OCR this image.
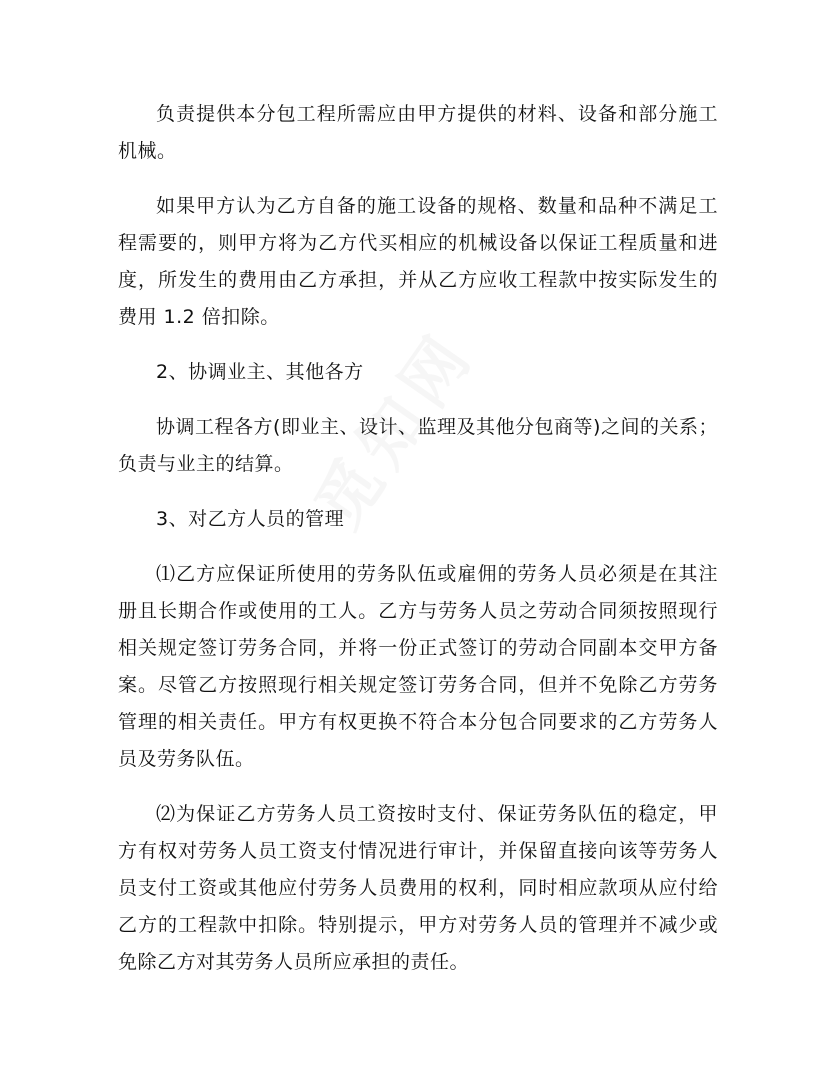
负责提供本分包工程所需应由甲方提供的材料、设备和部分施工机械。

如果甲方认为乙方自备的施工设备的规格、数量和品种不满足工程需要的，则甲方将为乙方代买相应的机械设备以保证工程质量和进度，所发生的费用由乙方承担，并从乙方应收工程款中按实际发生的费用 1.2 倍扣除。

2、协调业主、其他各方

协调工程各方(即业主、设计、监理及其他分包商等)之间的关系；负责与业主的结算。

3、对乙方人员的管理

⑴乙方应保证所使用的劳务队伍或雇佣的劳务人员必须是在其注册且长期合作或使用的工人。乙方与劳务人员之劳动合同须按照现行相关规定签订劳务合同，并将一份正式签订的劳动合同副本交甲方备案。尽管乙方按照现行相关规定签订劳务合同，但并不免除乙方劳务管理的相关责任。甲方有权更换不符合本分包合同要求的乙方劳务人员及劳务队伍。

⑵为保证乙方劳务人员工资按时支付、保证劳务队伍的稳定，甲方有权对劳务人员工资支付情况进行审计，并保留直接向该等劳务人员支付工资或其他应付劳务人员费用的权利，同时相应款项从应付给乙方的工程款中扣除。特别提示，甲方对劳务人员的管理并不减少或免除乙方对其劳务人员所应承担的责任。
